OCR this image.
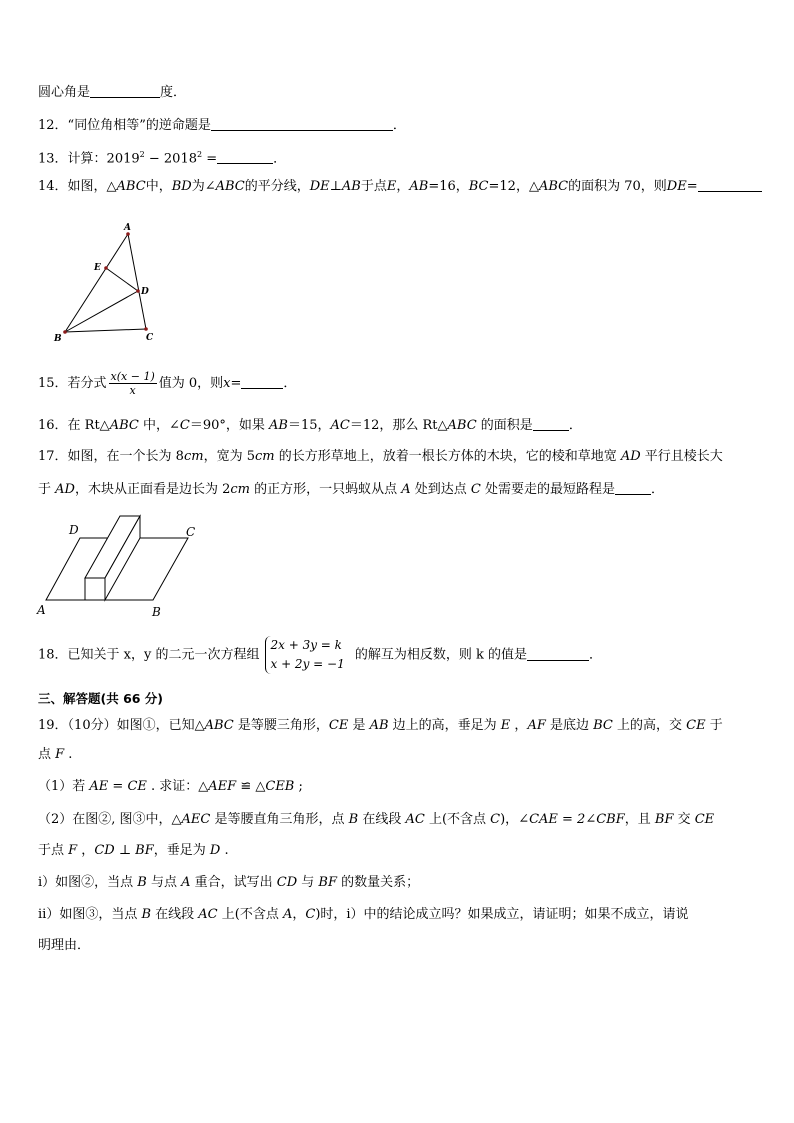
圆心角是	度．
12．“同位角相等”的逆命题是	．
13．计算：$2019^2 - 2018^2$ =	．
14．如图，△ABC中，BD为∠ABC的平分线，DE⊥AB于点E，AB=16，BC=12，△ABC的面积为 70，则DE=
A
E
D
B	C
15．若分式 $\frac{x(x - 1)}{x}$ 值为 0，则x=	．
16．在 Rt△ABC 中，∠C＝90°，如果 AB＝15，AC＝12，那么 Rt△ABC 的面积是	．
17．如图，在一个长为 8cm，宽为 5cm 的长方形草地上，放着一根长方体的木块，它的棱和草地宽 AD 平行且棱长大
于 AD，木块从正面看是边长为 2cm 的正方形，一只蚂蚁从点 A 处到达点 C 处需要走的最短路程是	．
D	C
A	B
18．已知关于 x，y 的二元一次方程组
2x + 3y = k
x + 2y = −1
的解互为相反数，则 k 的值是	．
三、解答题(共 66 分)
19．（10分）如图①，已知△ABC 是等腰三角形，CE 是 AB 边上的高，垂足为 E ，AF 是底边 BC 上的高，交 CE 于
点 F .
（1）若 AE = CE . 求证：△AEF ≌ △CEB ;
（2）在图②, 图③中，△AEC 是等腰直角三角形，点 B 在线段 AC 上(不含点 C)，∠CAE = 2∠CBF，且 BF 交 CE
于点 F ，CD ⊥ BF，垂足为 D .
ⅰ）如图②，当点 B 与点 A 重合，试写出 CD 与 BF 的数量关系；
ⅱ）如图③，当点 B 在线段 AC 上(不含点 A，C)时，ⅰ）中的结论成立吗？如果成立，请证明；如果不成立，请说
明理由．
